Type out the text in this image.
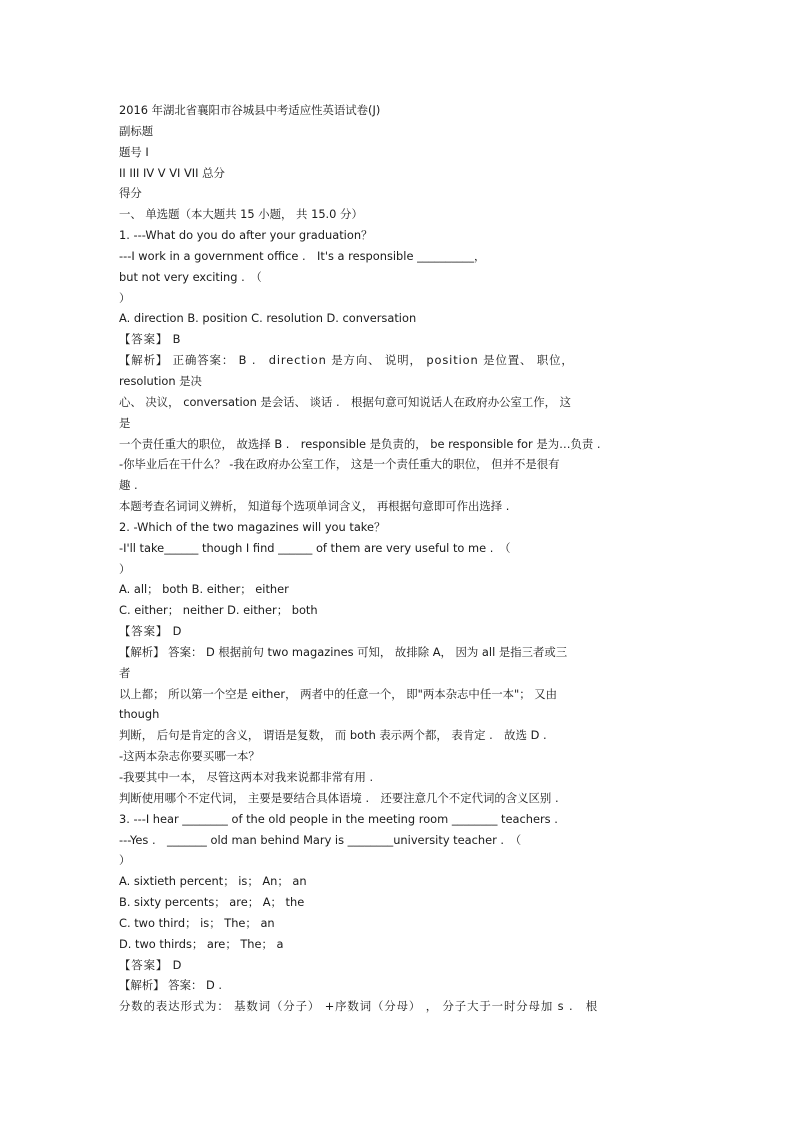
2016 年湖北省襄阳市谷城县中考适应性英语试卷(J)
副标题
题号 I
II III IV V VI VII 总分
得分
一、 单选题（本大题共 15 小题， 共 15.0 分）
1. ---What do you do after your graduation？
---I work in a government office .　It's a responsible __________，
but not very exciting .　（
）
A. direction B. position C. resolution D. conversation
【答案】 B
【解析】 正确答案： B .　direction 是方向、 说明， position 是位置、 职位，
resolution 是决
心、 决议， conversation 是会话、 谈话 .　根据句意可知说话人在政府办公室工作， 这
是
一个责任重大的职位， 故选择 B .　responsible 是负责的， be responsible for 是为…负责 .
-你毕业后在干什么？ -我在政府办公室工作， 这是一个责任重大的职位， 但并不是很有
趣 .
本题考查名词词义辨析， 知道每个选项单词含义， 再根据句意即可作出选择 .
2. -Which of the two magazines will you take？
-I'll take______ though I find ______ of them are very useful to me .　（
）
A. all； both B. either； either
C. either； neither D. either； both
【答案】 D
【解析】 答案： D 根据前句 two magazines 可知， 故排除 A， 因为 all 是指三者或三
者
以上都； 所以第一个空是 either， 两者中的任意一个， 即"两本杂志中任一本"； 又由
though
判断， 后句是肯定的含义， 谓语是复数， 而 both 表示两个都， 表肯定 .　故选 D .
-这两本杂志你要买哪一本？
-我要其中一本， 尽管这两本对我来说都非常有用 .
判断使用哪个不定代词， 主要是要结合具体语境 .　还要注意几个不定代词的含义区别 .
3. ---I hear ________ of the old people in the meeting room ________ teachers .
---Yes .　_______ old man behind Mary is ________university teacher .　（
）
A. sixtieth percent； is； An； an
B. sixty percents； are； A； the
C. two third； is； The； an
D. two thirds； are； The； a
【答案】 D
【解析】 答案： D .
分数的表达形式为： 基数词（分子） +序数词（分母） ， 分子大于一时分母加 s .　根
